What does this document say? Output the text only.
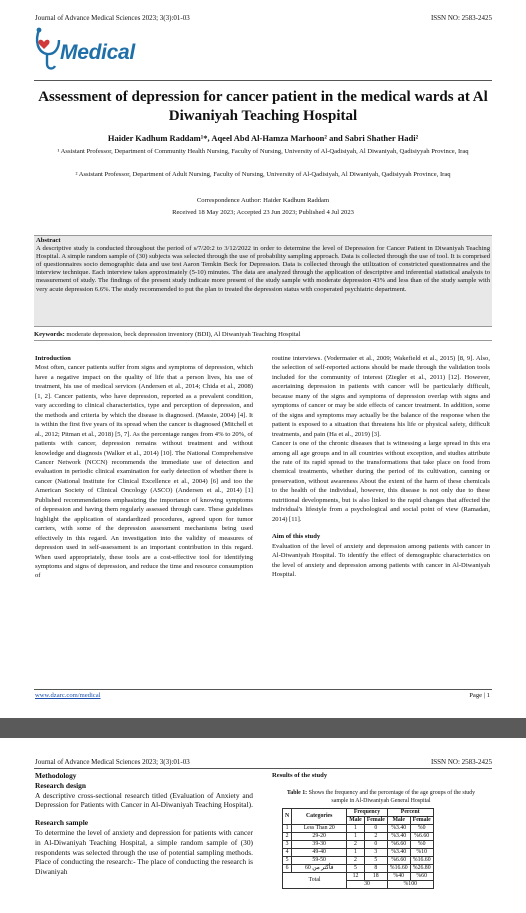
Journal of Advance Medical Sciences 2023; 3(3):01-03	ISSN NO: 2583-2425
Medical
Assessment of depression for cancer patient in the medical wards at Al Diwaniyah Teaching Hospital
Haider Kadhum Raddam¹*, Aqeel Abd Al-Hamza Marhoon² and Sabri Shather Hadi²
¹ Assistant Professor, Department of Community Health Nursing, Faculty of Nursing, University of Al-Qadisiyah, Al Diwaniyah, Qadisiyyah Province, Iraq
² Assistant Professor, Department of Adult Nursing, Faculty of Nursing, University of Al-Qadisiyah, Al Diwaniyah, Qadisiyyah Province, Iraq
Correspondence Author: Haider Kadhum Raddam
Received 18 May 2023; Accepted 23 Jun 2023; Published 4 Jul 2023
Abstract
A descriptive study is conducted throughout the period of s/7/20:2 to 3/12/2022 in order to determine the level of Depression for Cancer Patient in Diwaniyah Teaching Hospital. A simple random sample of (30) subjects was selected through the use of probability sampling approach. Data is collected through the use of tool. It is comprised of questionnaires socio demographic data and use test Aaron Temkin Beck for Depression. Data is collected through the utilization of constricted questionnaires and the interview technique. Each interview takes approximately (5-10) minutes. The data are analyzed through the application of descriptive and inferential statistical analysis to measurement of study. The findings of the present study indicate more present of the study sample with moderate depression 43% and less than of the study sample with very acute depression 6.6%. The study recommended to put the plan to treated the depression status with cooperated psychiatric department.
Keywords: moderate depression, beck depression inventory (BDI), Al Diwaniyah Teaching Hospital

Introduction

Most often, cancer patients suffer from signs and symptoms of depression, which have a negative impact on the quality of life that a person lives, his use of treatment, his use of medical services (Andersen et al., 2014; Chida et al., 2008) [1, 2]. Cancer patients, who have depression, reported as a prevalent condition, vary according to clinical characteristics, type and perception of depression, and the methods and criteria by which the disease is diagnosed. (Massie, 2004) [4]. It is within the first five years of its spread when the cancer is diagnosed (Mitchell et al., 2012; Pitman et al., 2018) [5, 7]. As the percentage ranges from 4% to 20%, of patients with cancer, depression remains without treatment and without knowledge and diagnosis (Walker et al., 2014) [10]. The National Comprehensive Cancer Network (NCCN) recommends the immediate use of detection and evaluation in periodic clinical examination for early detection of whether there is cancer (National Institute for Clinical Excellence et al., 2004) [6] and too the American Society of Clinical Oncology (ASCO) (Andersen et al., 2014) [1] Published recommendations emphasizing the importance of knowing symptoms of depression and having them regularly assessed through care. These guidelines highlight the application of standardized procedures, agreed upon for tumor carriers, with some of the depression assessment mechanisms being used effectively in this regard. An investigation into the validity of measures of depression used in self-assessment is an important contribution in this regard. When used appropriately, these tools are a cost-effective tool for identifying symptoms and signs of depression, and reduce the time and resource consumption of

routine interviews. (Vodermaier et al., 2009; Wakefield et al., 2015) [8, 9]. Also, the selection of self-reported actions should be made through the validation tools included for the community of interest (Ziegler et al., 2011) [12]. However, ascertaining depression in patients with cancer will be particularly difficult, because many of the signs and symptoms of depression overlap with signs and symptoms of cancer or may be side effects of cancer treatment. In addition, some of the signs and symptoms may actually be the balance of the response when the patient is exposed to a situation that threatens his life or physical safety, difficult treatments, and pain (Ha et al., 2019) [3].

Cancer is one of the chronic diseases that is witnessing a large spread in this era among all age groups and in all countries without exception, and studies attribute the rate of its rapid spread to the transformations that take place on food from chemical treatments, whether during the period of its cultivation, canning or preservation, without awareness About the extent of the harm of these chemicals to the health of the individual, however, this disease is not only due to these nutritional developments, but is also linked to the rapid changes that affected the individual's lifestyle from a psychological and social point of view (Ramadan, 2014) [11].

Aim of this study

Evaluation of the level of anxiety and depression among patients with cancer in Al-Diwaniyah Hospital. To identify the effect of demographic characteristics on the level of anxiety and depression among patients with cancer in Al-Diwaniyah Hospital.

www.dzarc.com/medical	Page | 1
Journal of Advance Medical Sciences 2023; 3(3):01-03	ISSN NO: 2583-2425

Methodology

Research design

A descriptive cross-sectional research titled (Evaluation of Anxiety and Depression for Patients with Cancer in Al-Diwaniyah Teaching Hospital).

Research sample

To determine the level of anxiety and depression for patients with cancer in Al-Diwaniyah Teaching Hospital, a simple random sample of (30) respondents was selected through the use of potential sampling methods. Place of conducting the research:- The place of conducting the research is Diwaniyah

Results of the study

Table 1: Shows the frequency and the percentage of the age groups of the study sample in Al-Diwaniyah General Hospital

N	Categories	Frequency		Percent	
		Male	Female	Male	Female
1	Less Than 20	1	0	%3.40	%0
2	29-20	1	2	%3.40	%6.60
3	39-30	2	0	%6.60	%0
4	49-40	1	3	%3.40	%10
5	59-50	2	5	%6.60	%16.60
6	60 فأكثر من	5	8	%16.60	%26.80
Total		12	18	%40	%60
		30		%100	
